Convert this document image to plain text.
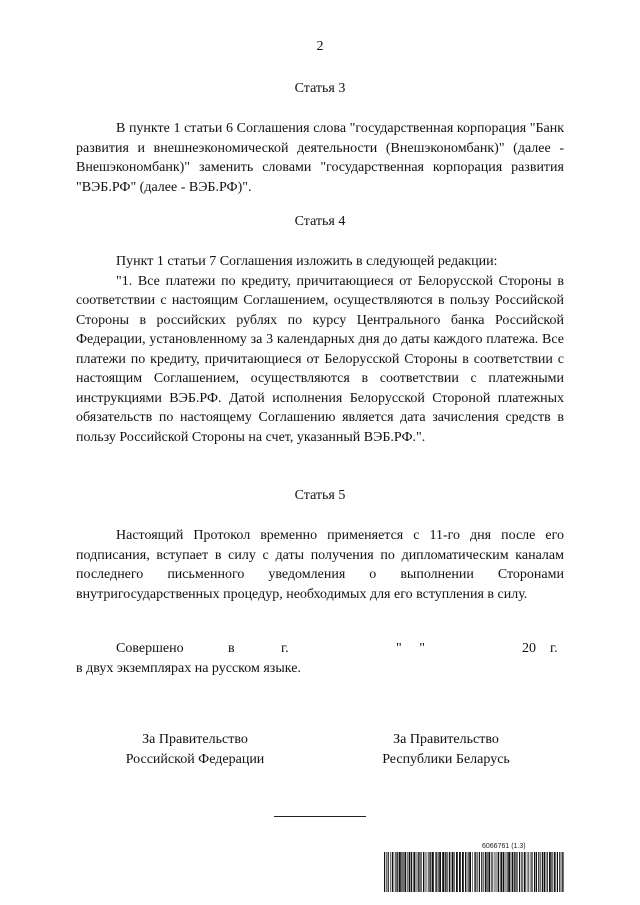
2
Статья 3

В пункте 1 статьи 6 Соглашения слова "государственная корпорация "Банк развития и внешнеэкономической деятельности (Внешэкономбанк)" (далее - Внешэкономбанк)" заменить словами "государственная корпорация развития "ВЭБ.РФ" (далее - ВЭБ.РФ)".

Статья 4

Пункт 1 статьи 7 Соглашения изложить в следующей редакции:

"1. Все платежи по кредиту, причитающиеся от Белорусской Стороны в соответствии с настоящим Соглашением, осуществляются в пользу Российской Стороны в российских рублях по курсу Центрального банка Российской Федерации, установленному за 3 календарных дня до даты каждого платежа. Все платежи по кредиту, причитающиеся от Белорусской Стороны в соответствии с настоящим Соглашением, осуществляются в соответствии с платежными инструкциями ВЭБ.РФ. Датой исполнения Белорусской Стороной платежных обязательств по настоящему Соглашению является дата зачисления средств в пользу Российской Стороны на счет, указанный ВЭБ.РФ.".

Статья 5

Настоящий Протокол временно применяется с 11-го дня после его подписания, вступает в силу с даты получения по дипломатическим каналам последнего письменного уведомления о выполнении Сторонами внутригосударственных процедур, необходимых для его вступления в силу.

Совершено	в	г.	"     "	20 г.
в двух экземплярах на русском языке.
За Правительство
Российской Федерации
За Правительство
Республики Беларусь
6066761 (1.3)
